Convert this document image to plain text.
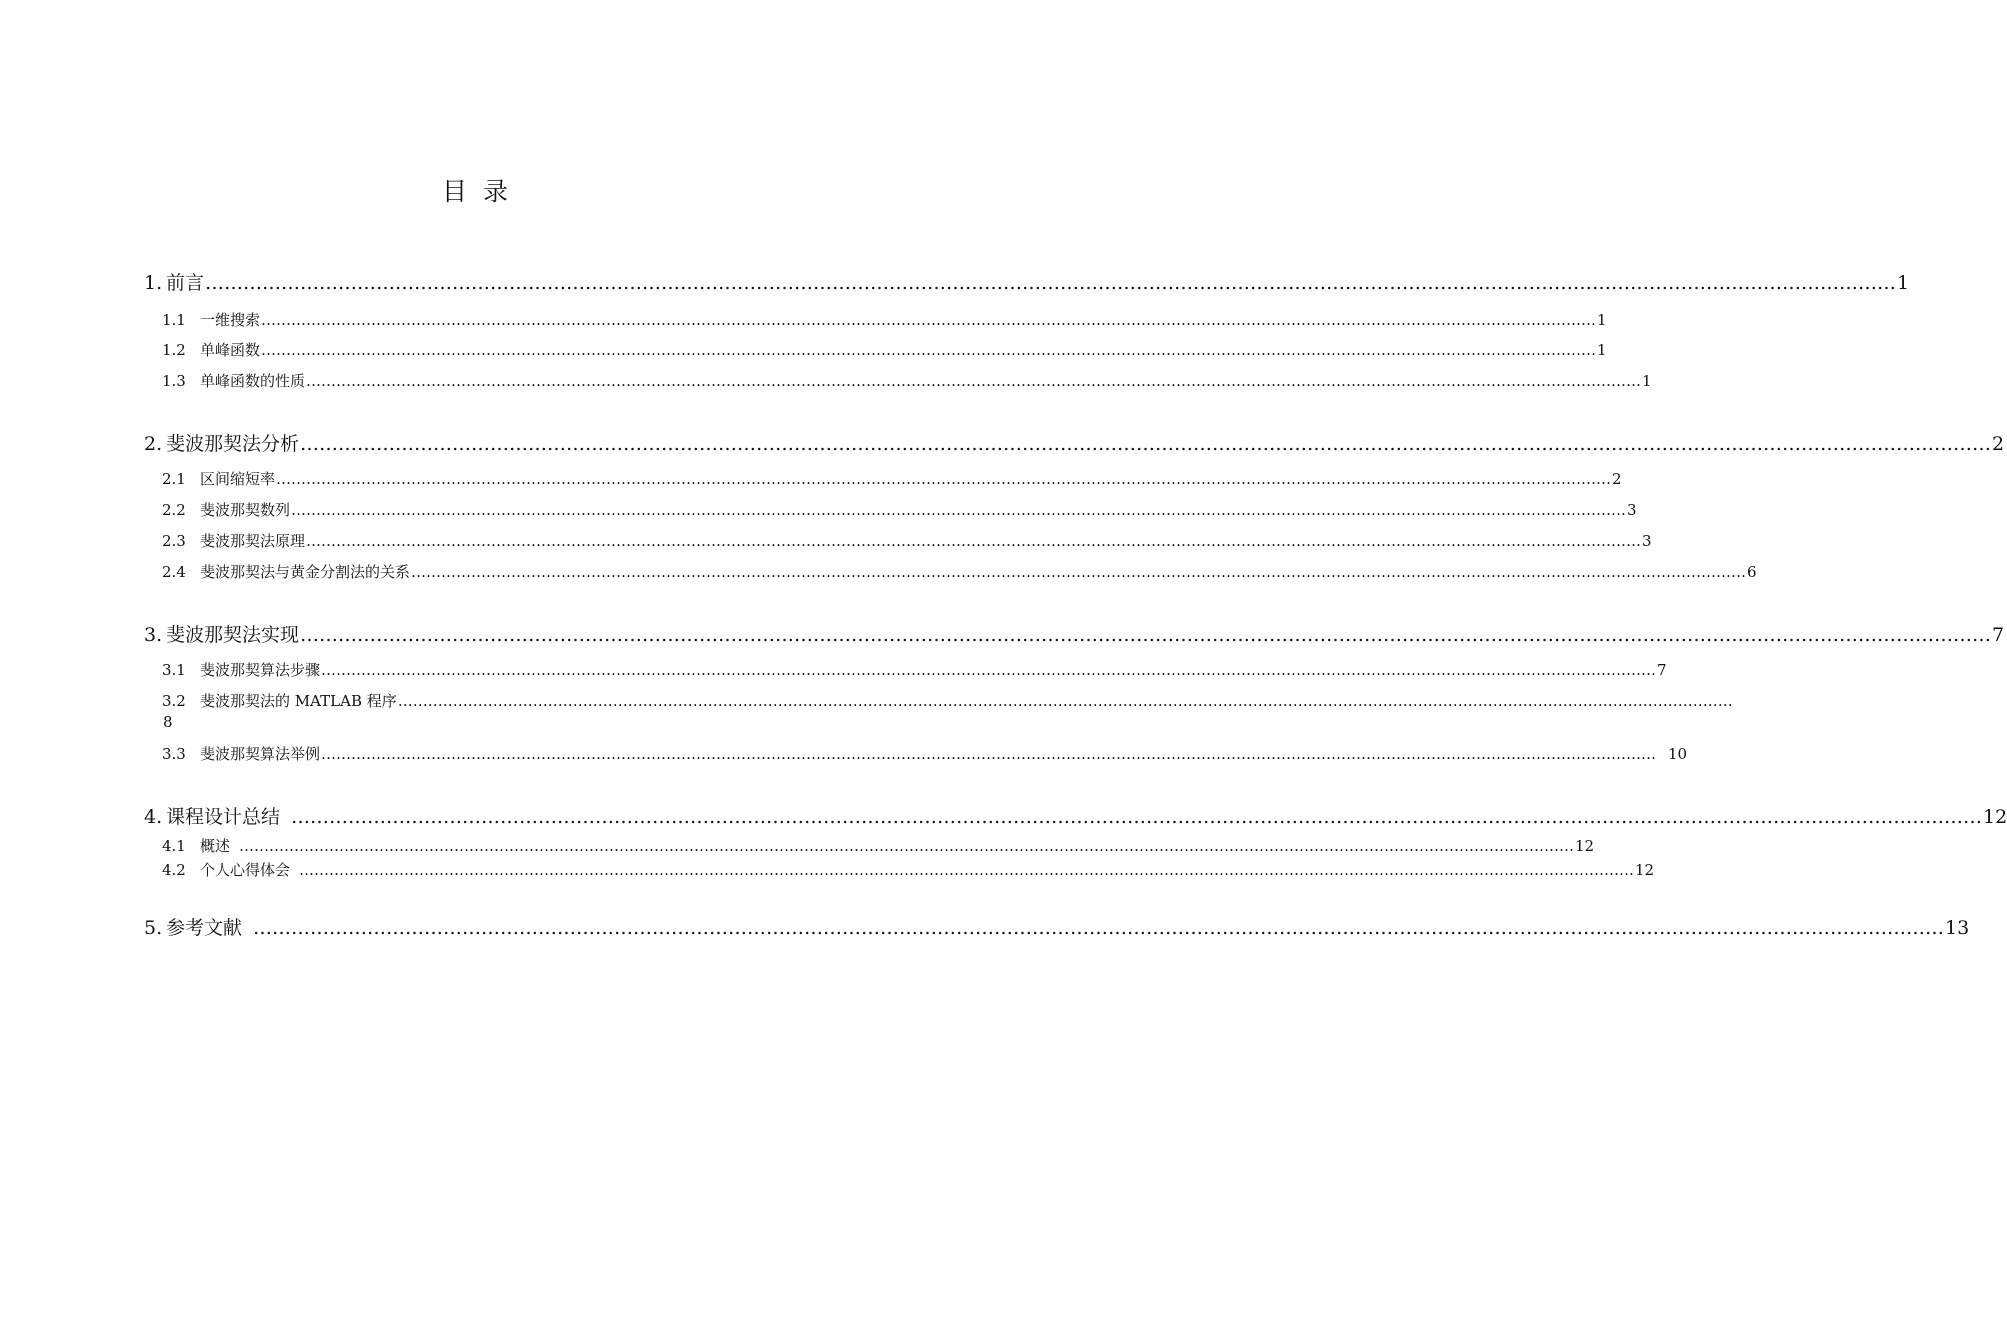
目录
1. 前言 …………………………………………………………………………………………………………………………………………………………………………………………………………………………………………… 1
1.1 一维搜索 …………………………………………………………………………………………………………………………………………………………………………………………………………………………………………… 1
1.2 单峰函数 …………………………………………………………………………………………………………………………………………………………………………………………………………………………………………… 1
1.3 单峰函数的性质 …………………………………………………………………………………………………………………………………………………………………………………………………………………………………………… 1
2. 斐波那契法分析 …………………………………………………………………………………………………………………………………………………………………………………………………………………………………………… 2
2.1 区间缩短率 …………………………………………………………………………………………………………………………………………………………………………………………………………………………………………… 2
2.2 斐波那契数列 …………………………………………………………………………………………………………………………………………………………………………………………………………………………………………… 3
2.3 斐波那契法原理 …………………………………………………………………………………………………………………………………………………………………………………………………………………………………………… 3
2.4 斐波那契法与黄金分割法的关系 …………………………………………………………………………………………………………………………………………………………………………………………………………………………………………… 6
3. 斐波那契法实现 …………………………………………………………………………………………………………………………………………………………………………………………………………………………………………… 7
3.1 斐波那契算法步骤 …………………………………………………………………………………………………………………………………………………………………………………………………………………………………………… 7
3.2 斐波那契法的 MATLAB 程序 ……………………………………………………………………………………………………………………………………………………………………………………………………………………………………………
8
3.3 斐波那契算法举例 …………………………………………………………………………………………………………………………………………………………………………………………………………………………………………… 10
4. 课程设计总结 …………………………………………………………………………………………………………………………………………………………………………………………………………………………………………… 12
4.1 概述 …………………………………………………………………………………………………………………………………………………………………………………………………………………………………………… 12
4.2 个人心得体会 …………………………………………………………………………………………………………………………………………………………………………………………………………………………………………… 12
5. 参考文献 …………………………………………………………………………………………………………………………………………………………………………………………………………………………………………… 13
